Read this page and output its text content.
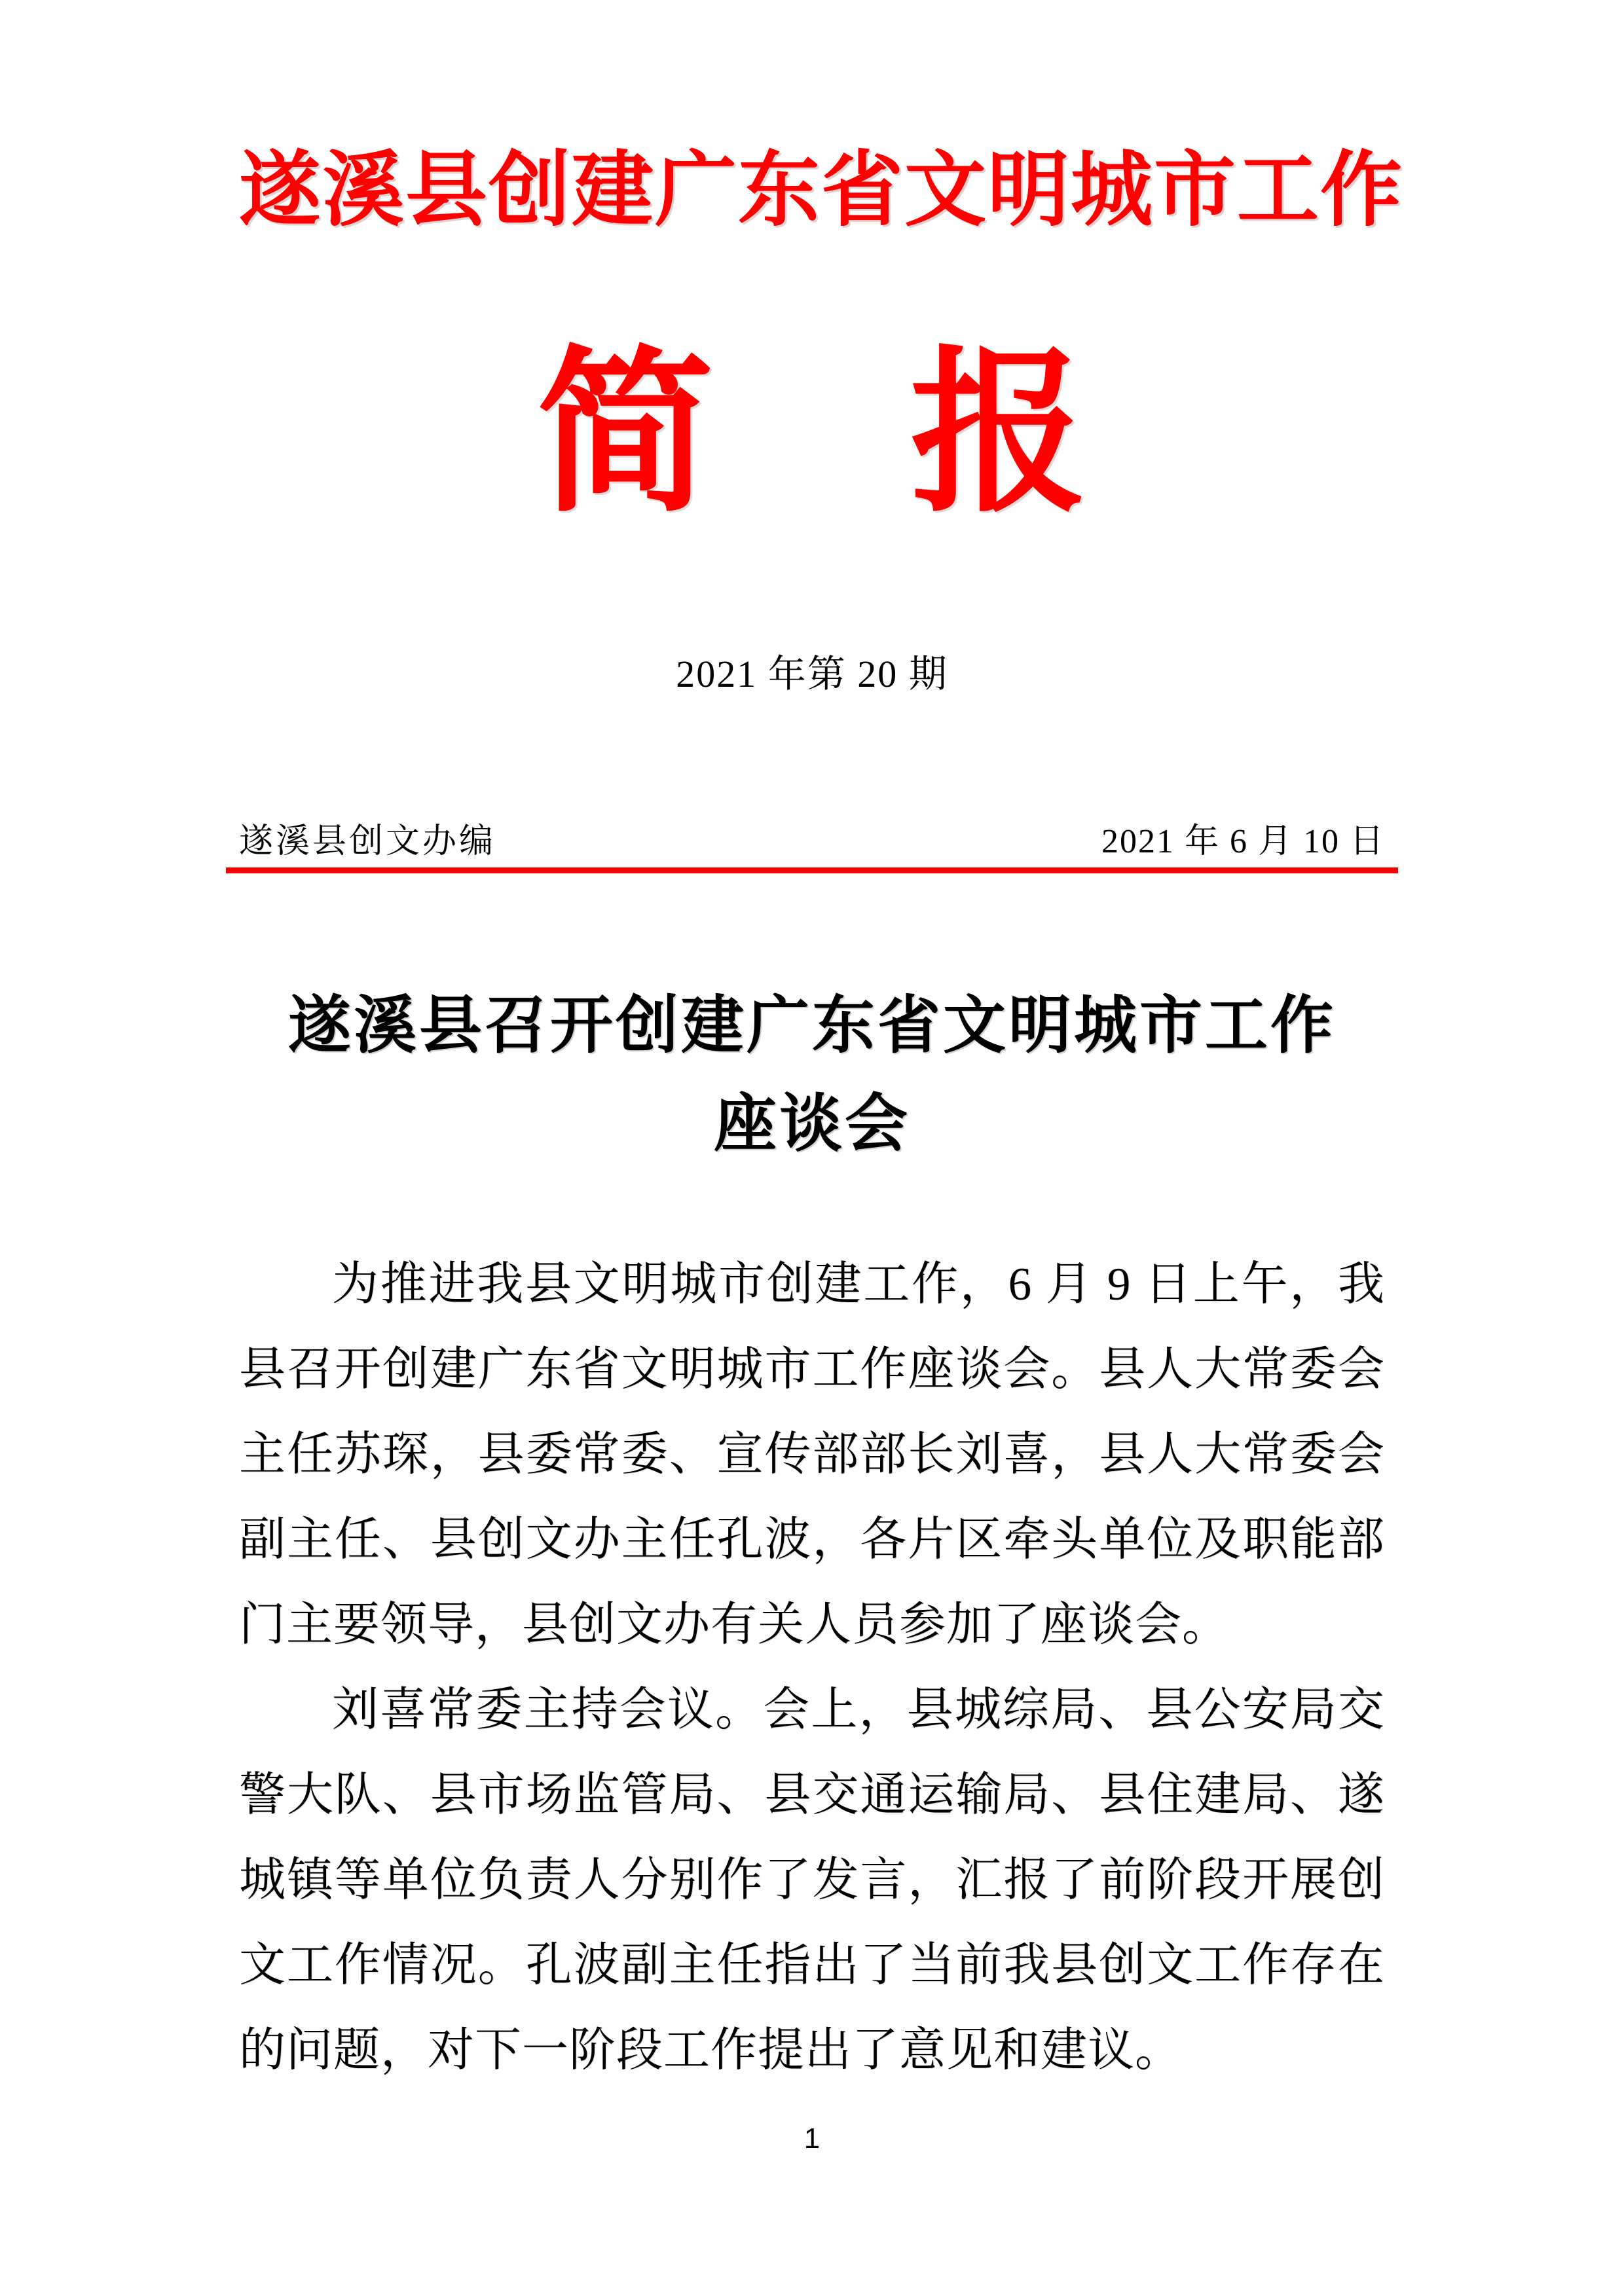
遂溪县创建广东省文明城市工作
简 报
2021 年第 20 期
遂溪县创文办编	2021 年 6 月 10 日
遂溪县召开创建广东省文明城市工作
座谈会

为推进我县文明城市创建工作，6 月 9 日上午，我县召开创建广东省文明城市工作座谈会。县人大常委会主任苏琛，县委常委、宣传部部长刘喜，县人大常委会副主任、县创文办主任孔波，各片区牵头单位及职能部门主要领导，县创文办有关人员参加了座谈会。

刘喜常委主持会议。会上，县城综局、县公安局交警大队、县市场监管局、县交通运输局、县住建局、遂城镇等单位负责人分别作了发言，汇报了前阶段开展创文工作情况。孔波副主任指出了当前我县创文工作存在的问题，对下一阶段工作提出了意见和建议。

1
